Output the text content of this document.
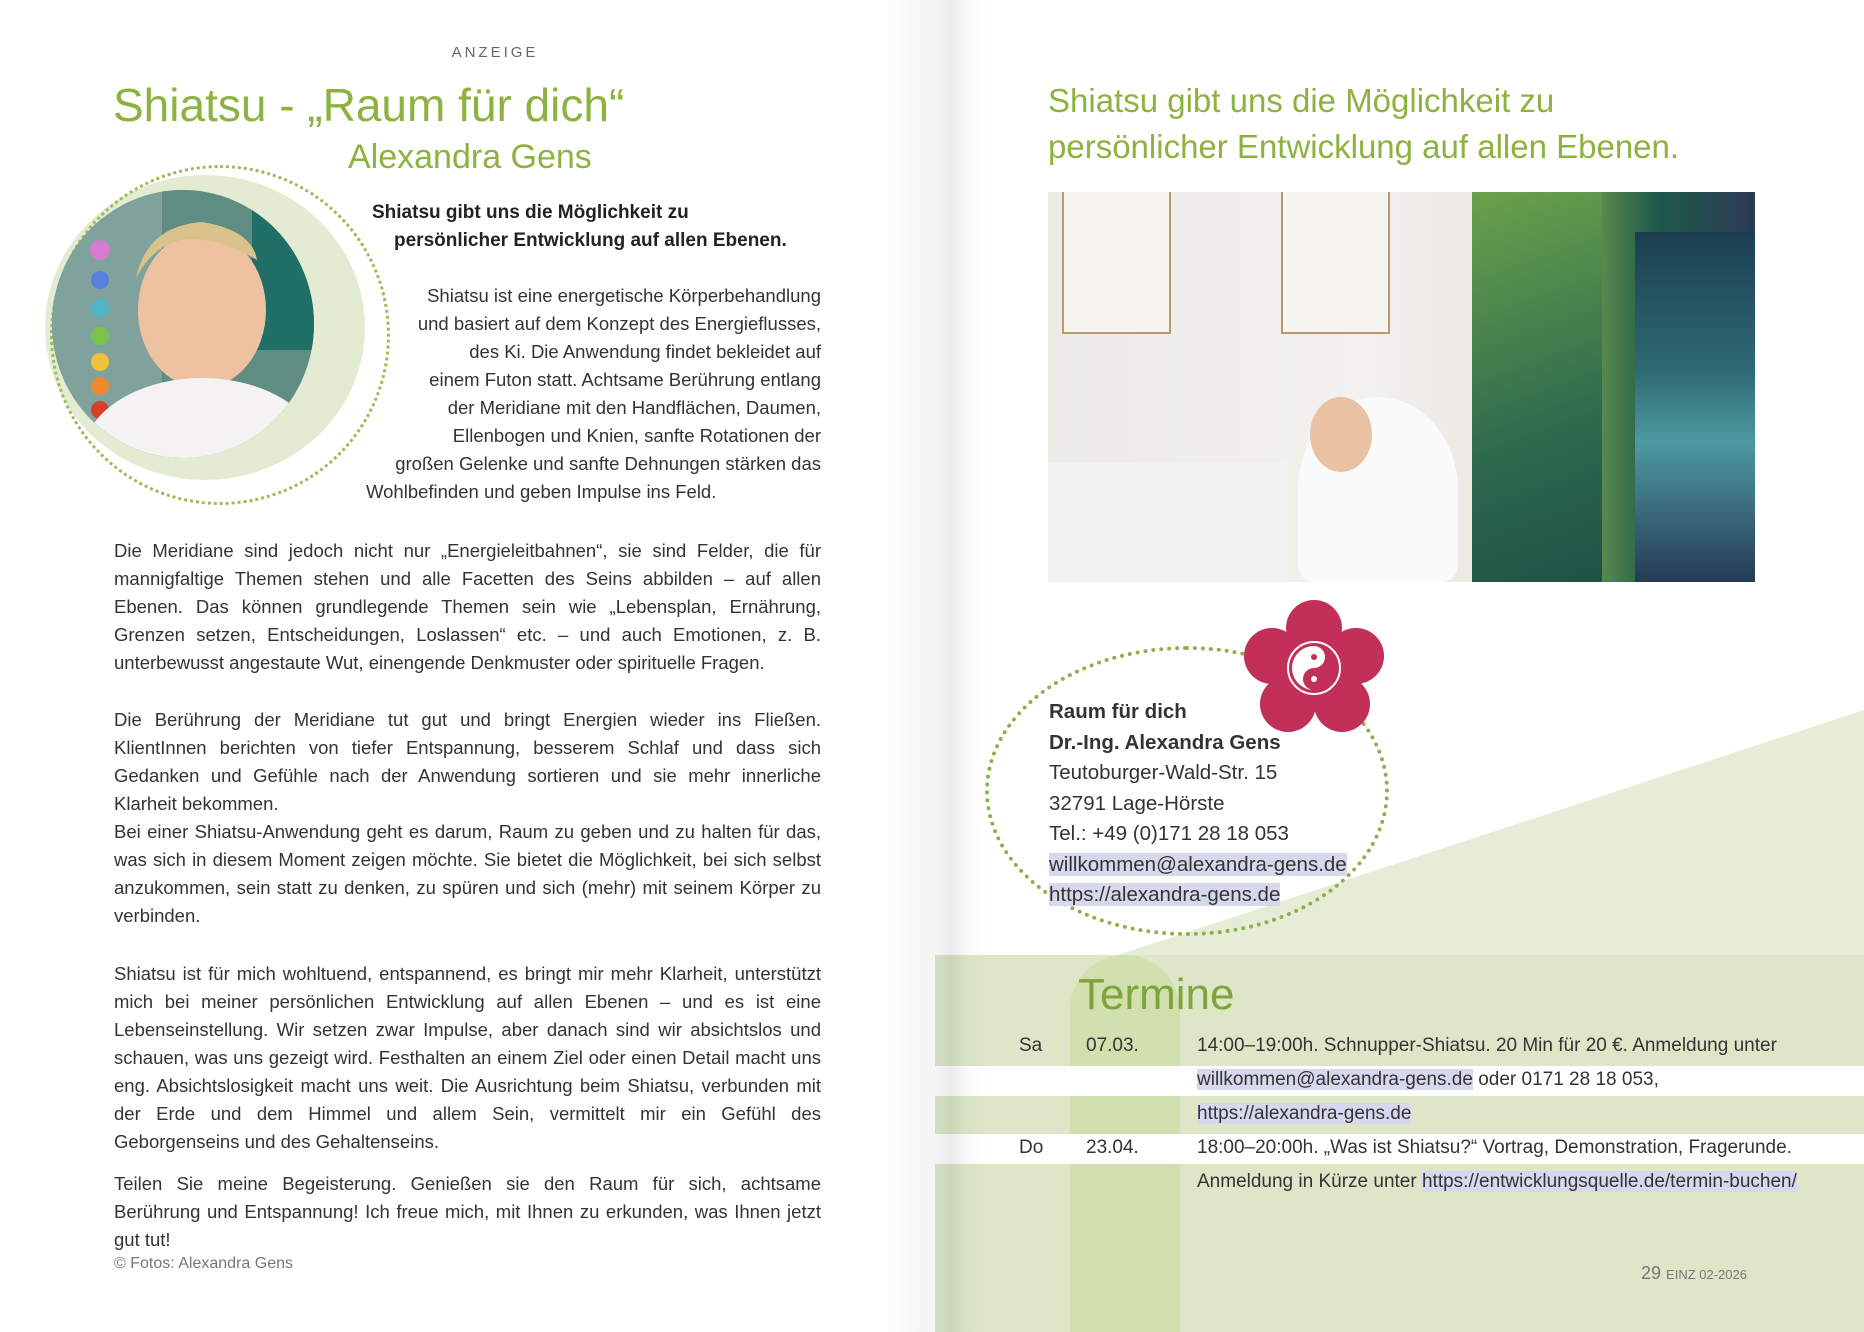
ANZEIGE
Shiatsu - „Raum für dich“
Alexandra Gens
Shiatsu gibt uns die Möglichkeit zu
persönlicher Entwicklung auf allen Ebenen.
Shiatsu ist eine energetische Körperbehandlung
und basiert auf dem Konzept des Energieflusses,
des Ki. Die Anwendung findet bekleidet auf
einem Futon statt. Achtsame Berührung entlang
der Meridiane mit den Handflächen, Daumen,
Ellenbogen und Knien, sanfte Rotationen der
großen Gelenke und sanfte Dehnungen stärken das
Wohlbefinden und geben Impulse ins Feld.
Die Meridiane sind jedoch nicht nur „Energieleitbahnen“, sie sind Felder, die für mannigfaltige Themen stehen und alle Facetten des Seins abbilden – auf allen Ebenen. Das können grundlegende Themen sein wie „Lebensplan, Ernährung, Grenzen setzen, Entscheidungen, Loslassen“ etc. – und auch Emotionen, z. B. unterbewusst angestaute Wut, einengende Denkmuster oder spirituelle Fragen.
Die Berührung der Meridiane tut gut und bringt Energien wieder ins Fließen. KlientInnen berichten von tiefer Entspannung, besserem Schlaf und dass sich Gedanken und Gefühle nach der Anwendung sortieren und sie mehr innerliche Klarheit bekommen.
Bei einer Shiatsu-Anwendung geht es darum, Raum zu geben und zu halten für das, was sich in diesem Moment zeigen möchte. Sie bietet die Möglichkeit, bei sich selbst anzukommen, sein statt zu denken, zu spüren und sich (mehr) mit seinem Körper zu verbinden.
Shiatsu ist für mich wohltuend, entspannend, es bringt mir mehr Klarheit, unterstützt mich bei meiner persönlichen Entwicklung auf allen Ebenen – und es ist eine Lebenseinstellung. Wir setzen zwar Impulse, aber danach sind wir absichtslos und schauen, was uns gezeigt wird. Festhalten an einem Ziel oder einen Detail macht uns eng. Absichtslosigkeit macht uns weit. Die Ausrichtung beim Shiatsu, verbunden mit der Erde und dem Himmel und allem Sein, vermittelt mir ein Gefühl des Geborgenseins und des Gehaltenseins.
Teilen Sie meine Begeisterung. Genießen sie den Raum für sich, achtsame Berührung und Entspannung! Ich freue mich, mit Ihnen zu erkunden, was Ihnen jetzt gut tut!
© Fotos: Alexandra Gens
Shiatsu gibt uns die Möglichkeit zu
persönlicher Entwicklung auf allen Ebenen.
Raum für dich
Dr.-Ing. Alexandra Gens
Teutoburger-Wald-Str. 15
32791 Lage-Hörste
Tel.: +49 (0)171 28 18 053
willkommen@alexandra-gens.de
https://alexandra-gens.de
Termine
Sa 07.03.	14:00–19:00h. Schnupper-Shiatsu. 20 Min für 20 €. Anmeldung unter
willkommen@alexandra-gens.de oder 0171 28 18 053,
https://alexandra-gens.de
Do 23.04.	18:00–20:00h. „Was ist Shiatsu?“ Vortrag, Demonstration, Fragerunde.
Anmeldung in Kürze unter https://entwicklungsquelle.de/termin-buchen/
29 EINZ 02-2026
